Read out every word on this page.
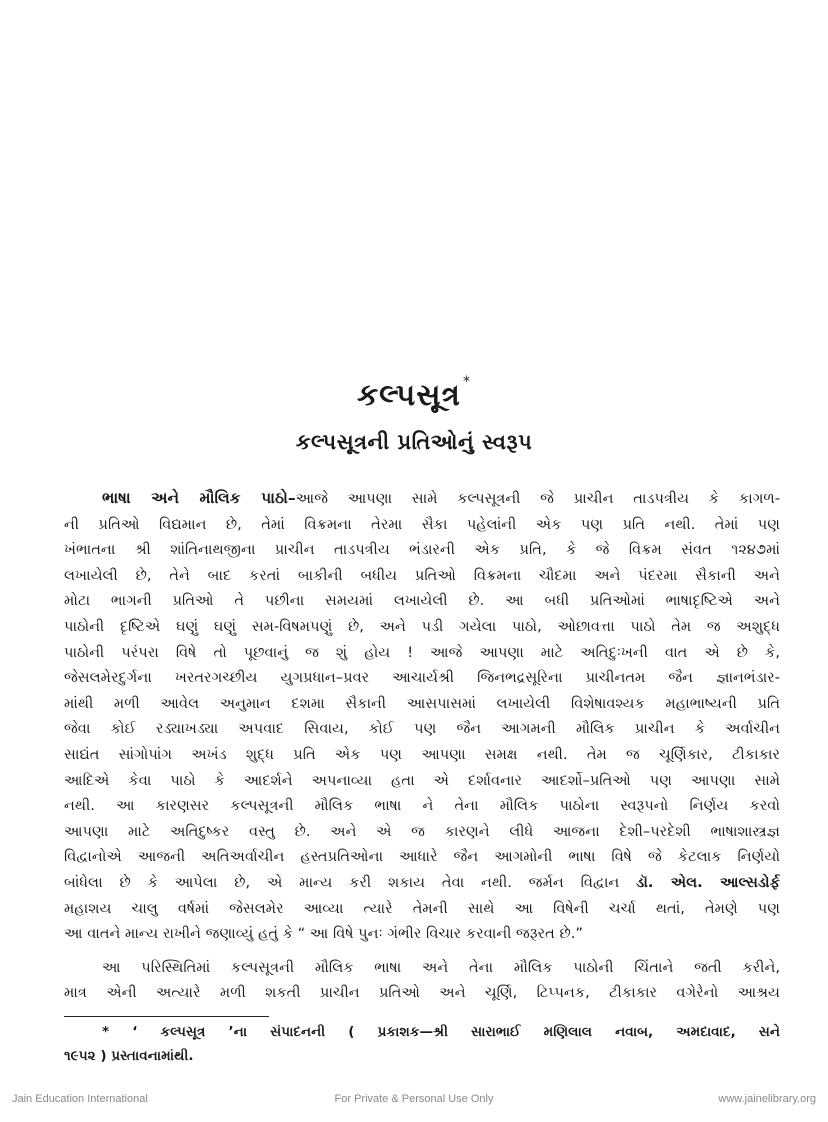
કલ્પસૂત્ર *
કલ્પસૂત્રની પ્રતિઓનું સ્વરૂપ
ભાષા અને મૌલિક પાઠો–આજે આપણા સામે કલ્પસૂત્રની જે પ્રાચીન તાડપત્રીય કે કાગળ-
ની પ્રતિઓ વિદ્યમાન છે, તેમાં વિક્રમના તેરમા સૈકા પહેલાંની એક પણ પ્રતિ નથી. તેમાં પણ
ખંભાતના શ્રી શાંતિનાથજીના પ્રાચીન તાડપત્રીય ભંડારની એક પ્રતિ, કે જે વિક્રમ સંવત ૧૨૪૭માં
લખાયેલી છે, તેને બાદ કરતાં બાકીની બધીય પ્રતિઓ વિક્રમના ચૌદમા અને પંદરમા સૈકાની અને
મોટા ભાગની પ્રતિઓ તે પછીના સમયમાં લખાયેલી છે. આ બધી પ્રતિઓમાં ભાષાદૃષ્ટિએ અને
પાઠોની દૃષ્ટિએ ઘણું ઘણું સમ-વિષમપણું છે, અને પડી ગયેલા પાઠો, ઓછાવત્તા પાઠો તેમ જ અશુદ્ધ
પાઠોની પરંપરા વિષે તો પૂછવાનું જ શું હોય ! આજે આપણા માટે અતિદુઃખની વાત એ છે કે,
જેસલમેરદુર્ગના ખરતરગચ્છીય યુગપ્રધાન–પ્રવર આચાર્યશ્રી જિનભદ્રસૂરિના પ્રાચીનતમ જૈન જ્ઞાનભંડાર-
માંથી મળી આવેલ અનુમાન દશમા સૈકાની આસપાસમાં લખાયેલી વિશેષાવશ્યક મહાભાષ્યની પ્રતિ
જેવા કોઈ રડ્યાખડ્યા અપવાદ સિવાય, કોઈ પણ જૈન આગમની મૌલિક પ્રાચીન કે અર્વાચીન
સાદ્યંત સાંગોપાંગ અખંડ શુદ્ધ પ્રતિ એક પણ આપણા સમક્ષ નથી. તેમ જ ચૂર્ણિકાર, ટીકાકાર
આદિએ કેવા પાઠો કે આદર્શને અપનાવ્યા હતા એ દર્શાવનાર આદર્શો–પ્રતિઓ પણ આપણા સામે
નથી. આ કારણસર કલ્પસૂત્રની મૌલિક ભાષા ને તેના મૌલિક પાઠોના સ્વરૂપનો નિર્ણય કરવો
આપણા માટે અતિદુષ્કર વસ્તુ છે. અને એ જ કારણને લીધે આજના દેશી–પરદેશી ભાષાશાસ્ત્રજ્ઞ
વિદ્વાનોએ આજની અતિઅર્વાચીન હસ્તપ્રતિઓના આધારે જૈન આગમોની ભાષા વિષે જે કેટલાક નિર્ણયો
બાંધેલા છે કે આપેલા છે, એ માન્ય કરી શકાય તેવા નથી. જર્મન વિદ્વાન ડૉ. એલ. આલ્સડોર્ફ
મહાશય ચાલુ વર્ષમાં જેસલમેર આવ્યા ત્યારે તેમની સાથે આ વિષેની ચર્ચા થતાં, તેમણે પણ
આ વાતને માન્ય રાખીને જણાવ્યું હતું કે “ આ વિષે પુનઃ ગંભીર વિચાર કરવાની જરૂરત છે.”
આ પરિસ્થિતિમાં કલ્પસૂત્રની મૌલિક ભાષા અને તેના મૌલિક પાઠોની ચિંતાને જતી કરીને,
માત્ર એની અત્યારે મળી શકતી પ્રાચીન પ્રતિઓ અને ચૂર્ણિ, ટિપ્પનક, ટીકાકાર વગેરેનો આશ્રય
* ‘ કલ્પસૂત્ર ’ના સંપાદનની ( પ્રકાશક—શ્રી સારાભાઈ મણિલાલ નવાબ, અમદાવાદ, સને
૧૯૫૨ ) પ્રસ્તાવનામાંથી.
Jain Education International	For Private & Personal Use Only	www.jainelibrary.org
